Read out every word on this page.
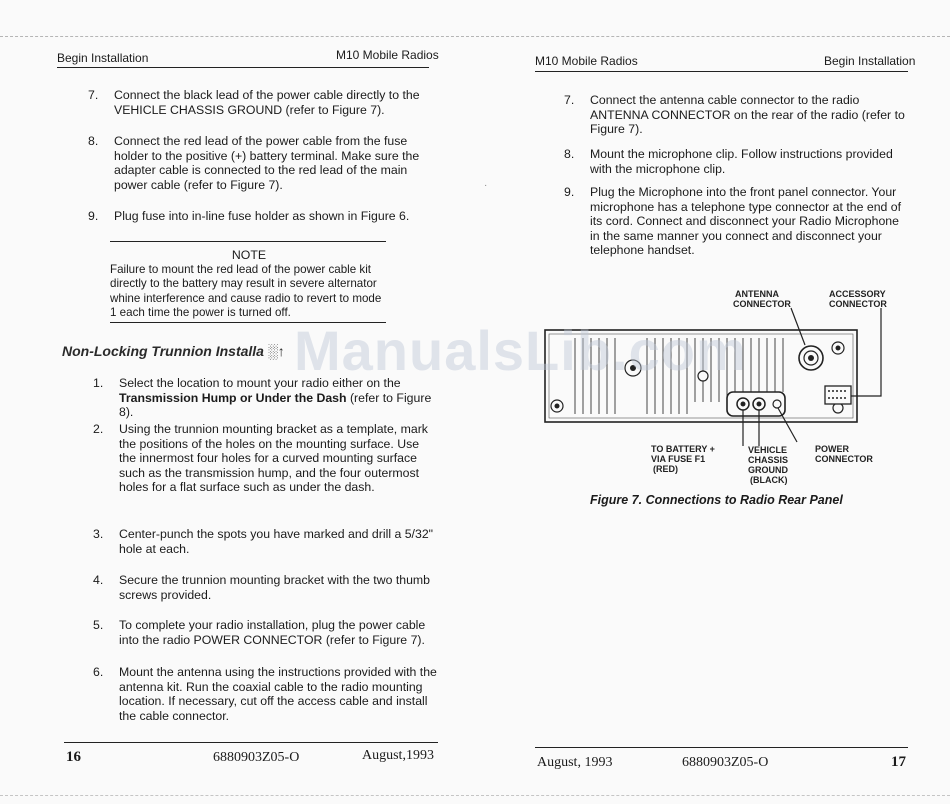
Begin Installation	M10 Mobile Radios
7. Connect the black lead of the power cable directly to the VEHICLE CHASSIS GROUND (refer to Figure 7).
8. Connect the red lead of the power cable from the fuse holder to the positive (+) battery terminal. Make sure the adapter cable is connected to the red lead of the main power cable (refer to Figure 7).
9. Plug fuse into in-line fuse holder as shown in Figure 6.
NOTE
Failure to mount the red lead of the power cable kit directly to the battery may result in severe alternator whine interference and cause radio to revert to mode 1 each time the power is turned off.
Non-Locking Trunnion Installa ░↑
1. Select the location to mount your radio either on the Transmission Hump or Under the Dash (refer to Figure 8).
2. Using the trunnion mounting bracket as a template, mark the positions of the holes on the mounting surface. Use the innermost four holes for a curved mounting surface such as the transmission hump, and the four outermost holes for a flat surface such as under the dash.
3. Center-punch the spots you have marked and drill a 5/32" hole at each.
4. Secure the trunnion mounting bracket with the two thumb screws provided.
5. To complete your radio installation, plug the power cable into the radio POWER CONNECTOR (refer to Figure 7).
6. Mount the antenna using the instructions provided with the antenna kit. Run the coaxial cable to the radio mounting location. If necessary, cut off the access cable and install the cable connector.
16	6880903Z05-O	August,1993
·
M10 Mobile Radios	Begin Installation
7. Connect the antenna cable connector to the radio ANTENNA CONNECTOR on the rear of the radio (refer to Figure 7).
8. Mount the microphone clip. Follow instructions provided with the microphone clip.
9. Plug the Microphone into the front panel connector. Your microphone has a telephone type connector at the end of its cord. Connect and disconnect your Radio Microphone in the same manner you connect and disconnect your telephone handset.
ANTENNA
CONNECTOR
ACCESSORY
CONNECTOR
TO BATTERY +
VIA FUSE F1
(RED)
VEHICLE
CHASSIS
GROUND
(BLACK)
POWER
CONNECTOR
Figure 7. Connections to Radio Rear Panel
August, 1993	6880903Z05-O	17
ManualsLib.com
